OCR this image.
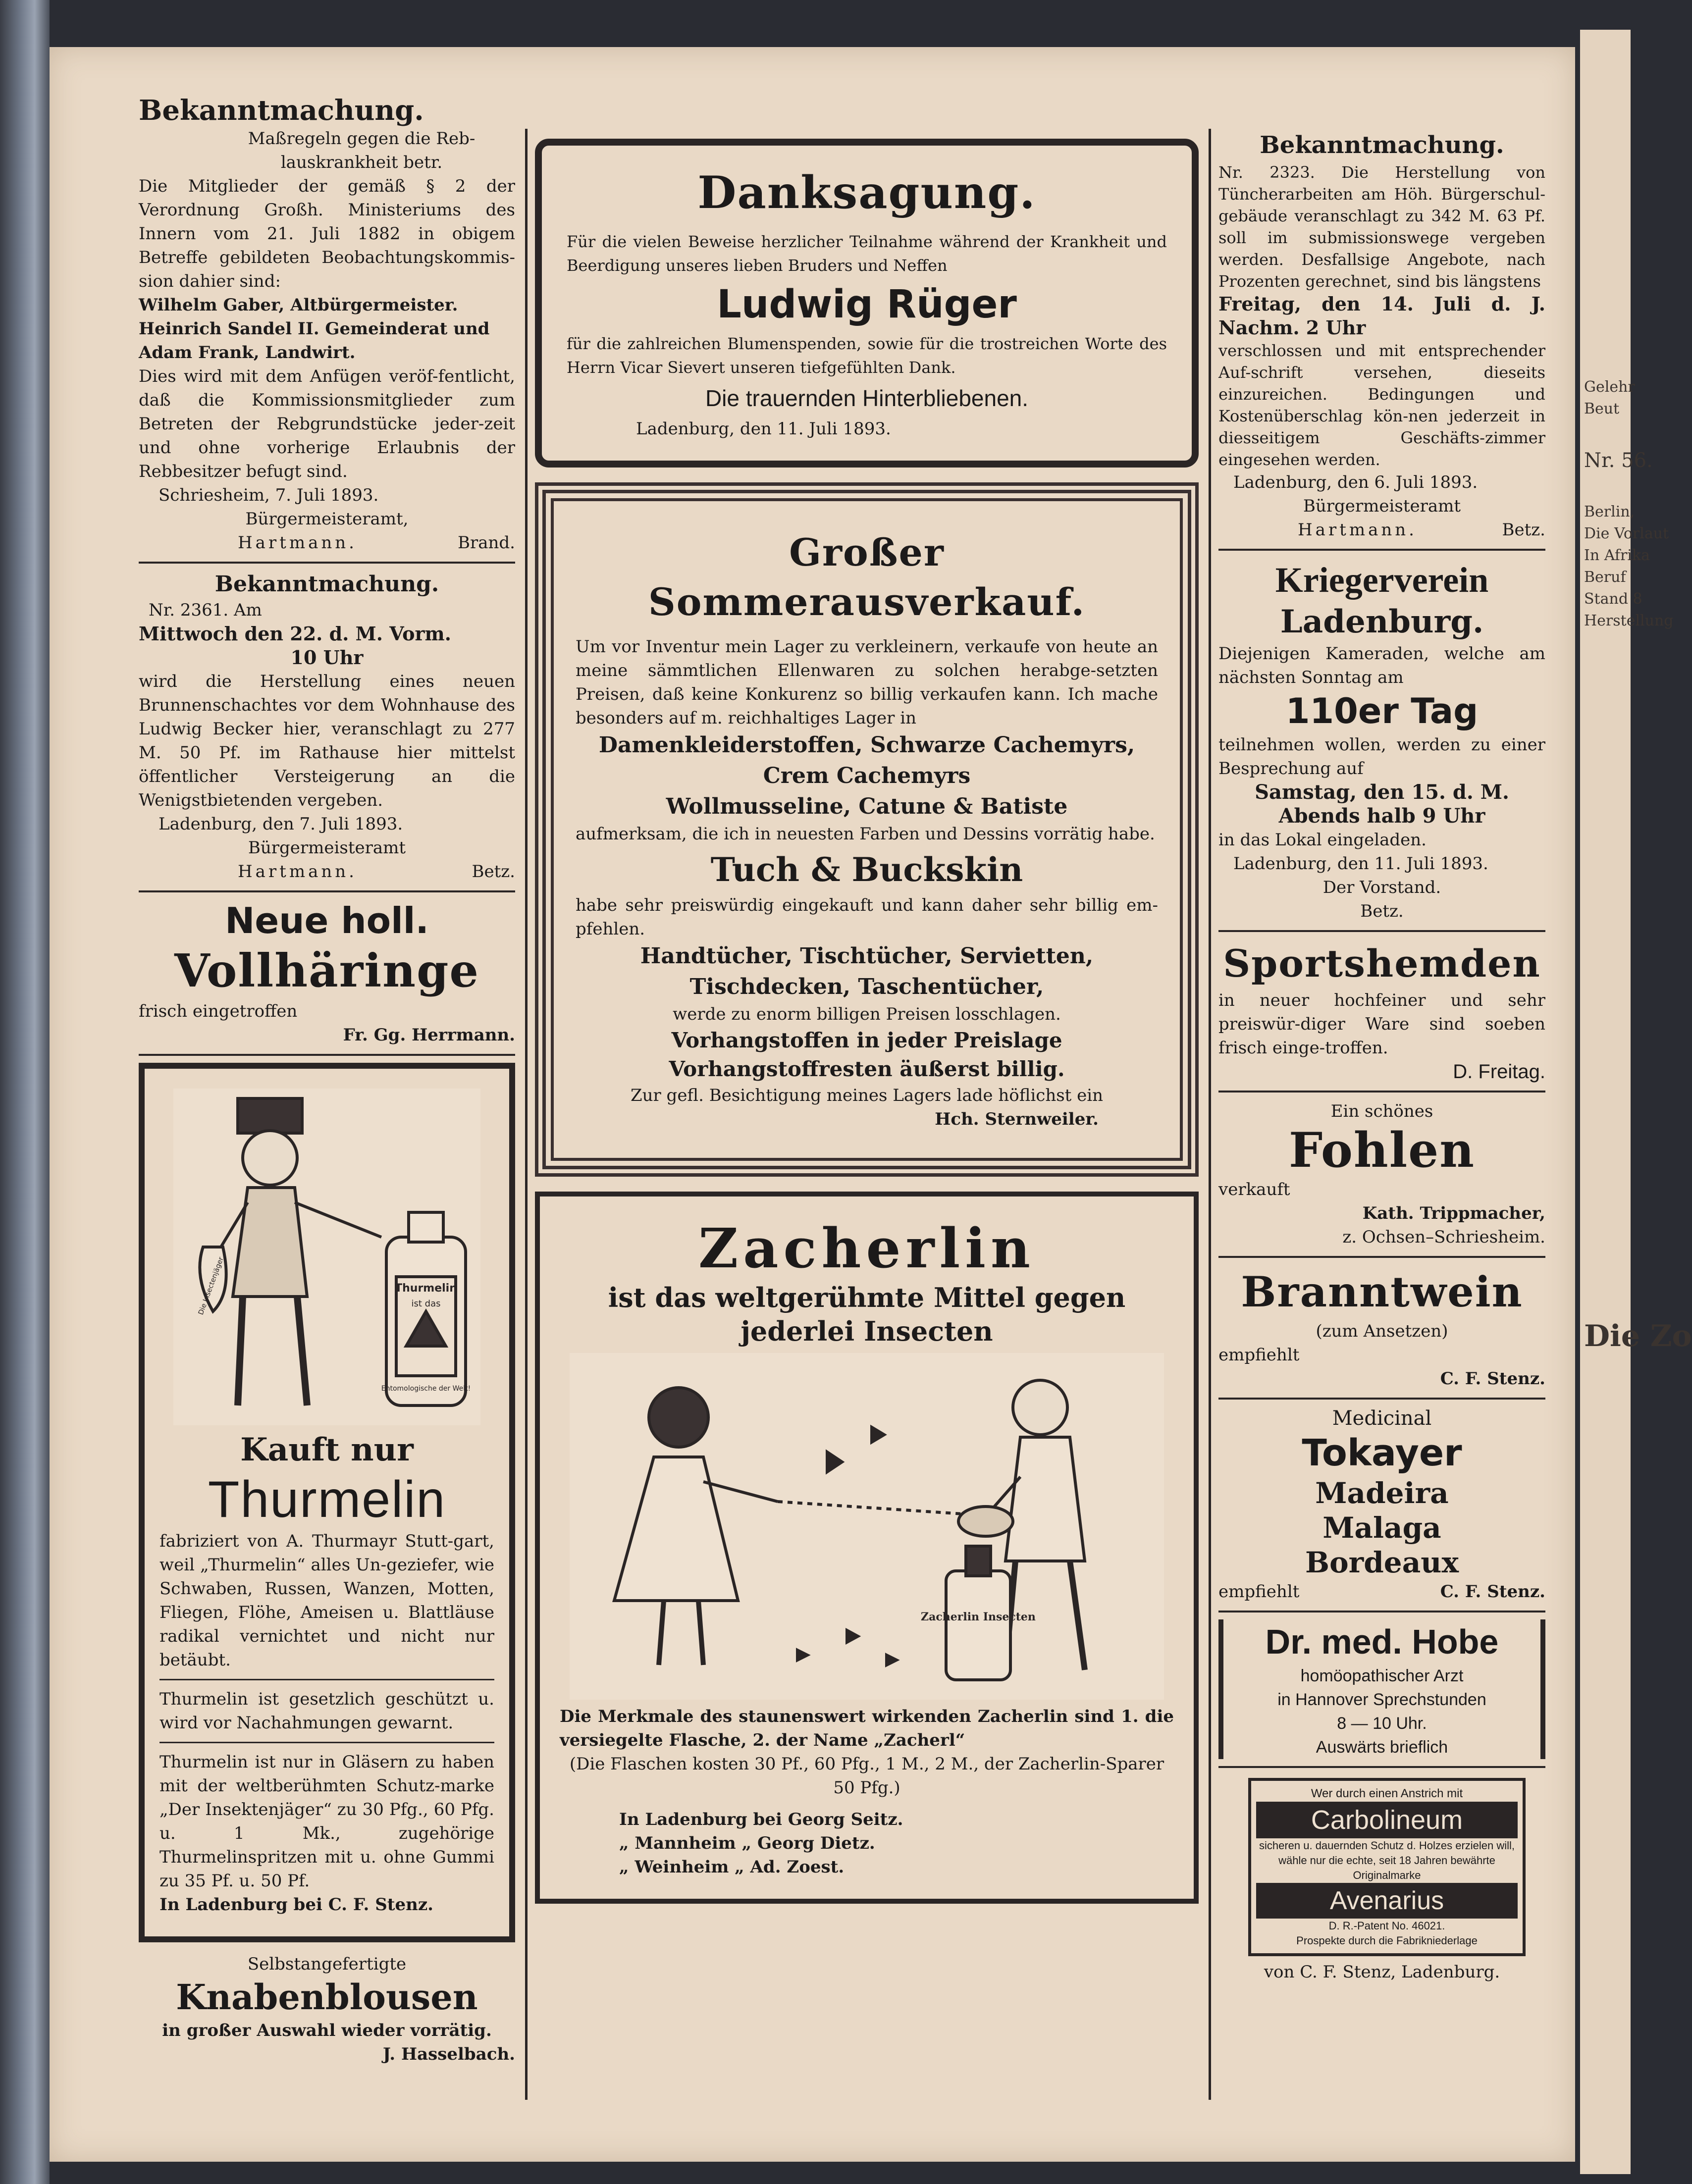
Gelehr
Beut
Nr. 56.
Berlin,
Die Vorlaut
In Afrika
Beruf
Stand 8
Herstellung
Die Zo
Bekanntmachung.
Maßregeln gegen die Reb-lauskrankheit betr.
Die Mitglieder der gemäß § 2 der Verordnung Großh. Ministeriums des Innern vom 21. Juli 1882 in obigem Betreffe gebildeten Beobachtungskommis-sion dahier sind:
Wilhelm Gaber, Altbürgermeister.
Heinrich Sandel II. Gemeinderat und
Adam Frank, Landwirt.
Dies wird mit dem Anfügen veröf-fentlicht, daß die Kommissionsmitglieder zum Betreten der Rebgrundstücke jeder-zeit und ohne vorherige Erlaubnis der Rebbesitzer befugt sind.
Schriesheim, 7. Juli 1893.
Bürgermeisteramt,
Hartmann.	Brand.
Bekanntmachung.
Nr. 2361. Am
Mittwoch den 22. d. M. Vorm.
10 Uhr
wird die Herstellung eines neuen Brunnenschachtes vor dem Wohnhause des Ludwig Becker hier, veranschlagt zu 277 M. 50 Pf. im Rathause hier mittelst öffentlicher Versteigerung an die Wenigstbietenden vergeben.
Ladenburg, den 7. Juli 1893.
Bürgermeisteramt
Hartmann.	Betz.
Neue holl.
Vollhäringe
frisch eingetroffen
Fr. Gg. Herrmann.
Thurmelin
ist das
Entomologische der Welt!
Die Insectenjäger
Kauft nur
Thurmelin
fabriziert von A. Thurmayr Stutt-gart, weil „Thurmelin“ alles Un-geziefer, wie Schwaben, Russen, Wanzen, Motten, Fliegen, Flöhe, Ameisen u. Blattläuse radikal vernichtet und nicht nur betäubt.
Thurmelin ist gesetzlich geschützt u. wird vor Nachahmungen gewarnt.
Thurmelin ist nur in Gläsern zu haben mit der weltberühmten Schutz-marke „Der Insektenjäger“ zu 30 Pfg., 60 Pfg. u. 1 Mk., zugehörige Thurmelinspritzen mit u. ohne Gummi zu 35 Pf. u. 50 Pf.
In Ladenburg bei C. F. Stenz.
Selbstangefertigte
Knabenblousen
in großer Auswahl wieder vorrätig.
J. Hasselbach.
Danksagung.
Für die vielen Beweise herzlicher Teilnahme während der Krankheit und Beerdigung unseres lieben Bruders und Neffen
Ludwig Rüger
für die zahlreichen Blumenspenden, sowie für die trostreichen Worte des Herrn Vicar Sievert unseren tiefgefühlten Dank.
Die trauernden Hinterbliebenen.
Ladenburg, den 11. Juli 1893.
Großer Sommerausverkauf.
Um vor Inventur mein Lager zu verkleinern, verkaufe von heute an meine sämmtlichen Ellenwaren zu solchen herabge-setzten Preisen, daß keine Konkurenz so billig verkaufen kann. Ich mache besonders auf m. reichhaltiges Lager in
Damenkleiderstoffen, Schwarze Cachemyrs,
Crem Cachemyrs
Wollmusseline, Catune & Batiste
aufmerksam, die ich in neuesten Farben und Dessins vorrätig habe.
Tuch & Buckskin
habe sehr preiswürdig eingekauft und kann daher sehr billig em-pfehlen.
Handtücher, Tischtücher, Servietten, Tischdecken, Taschentücher,
werde zu enorm billigen Preisen losschlagen.
Vorhangstoffen in jeder Preislage
Vorhangstoffresten äußerst billig.
Zur gefl. Besichtigung meines Lagers lade höflichst ein
Hch. Sternweiler.
Zacherlin
ist das weltgerühmte Mittel gegen jederlei Insecten
Zacherlin Insecten
Die Merkmale des staunenswert wirkenden Zacherlin sind 1. die versiegelte Flasche, 2. der Name „Zacherl“
(Die Flaschen kosten 30 Pf., 60 Pfg., 1 M., 2 M., der Zacherlin-Sparer 50 Pfg.)
In Ladenburg bei Georg Seitz.
„ Mannheim „ Georg Dietz.
„ Weinheim „ Ad. Zoest.
Bekanntmachung.
Nr. 2323. Die Herstellung von Tüncherarbeiten am Höh. Bürgerschul-gebäude veranschlagt zu 342 M. 63 Pf. soll im submissionswege vergeben werden. Desfallsige Angebote, nach Prozenten gerechnet, sind bis längstens
Freitag, den 14. Juli d. J. Nachm. 2 Uhr
verschlossen und mit entsprechender Auf-schrift versehen, dieseits einzureichen. Bedingungen und Kostenüberschlag kön-nen jederzeit in diesseitigem Geschäfts-zimmer eingesehen werden.
Ladenburg, den 6. Juli 1893.
Bürgermeisteramt
Hartmann.	Betz.
Kriegerverein
Ladenburg.
Diejenigen Kameraden, welche am nächsten Sonntag am
110er Tag
teilnehmen wollen, werden zu einer Besprechung auf
Samstag, den 15. d. M. Abends halb 9 Uhr
in das Lokal eingeladen.
Ladenburg, den 11. Juli 1893.
Der Vorstand.
Betz.
Sportshemden
in neuer hochfeiner und sehr preiswür-diger Ware sind soeben frisch einge-troffen.
D. Freitag.
Ein schönes
Fohlen
verkauft
Kath. Trippmacher,
z. Ochsen–Schriesheim.
Branntwein
(zum Ansetzen)
empfiehlt
C. F. Stenz.
Medicinal
Tokayer
Madeira
Malaga
Bordeaux
empfiehlt	C. F. Stenz.
Dr. med. Hobe
homöopathischer Arzt
in Hannover Sprechstunden
8 — 10 Uhr.
Auswärts brieflich
Wer durch einen Anstrich mit
Carbolineum
sicheren u. dauernden Schutz d. Holzes erzielen will, wähle nur die echte, seit 18 Jahren bewährte Originalmarke
Avenarius
D. R.-Patent No. 46021.
Prospekte durch die Fabrikniederlage
von C. F. Stenz, Ladenburg.
